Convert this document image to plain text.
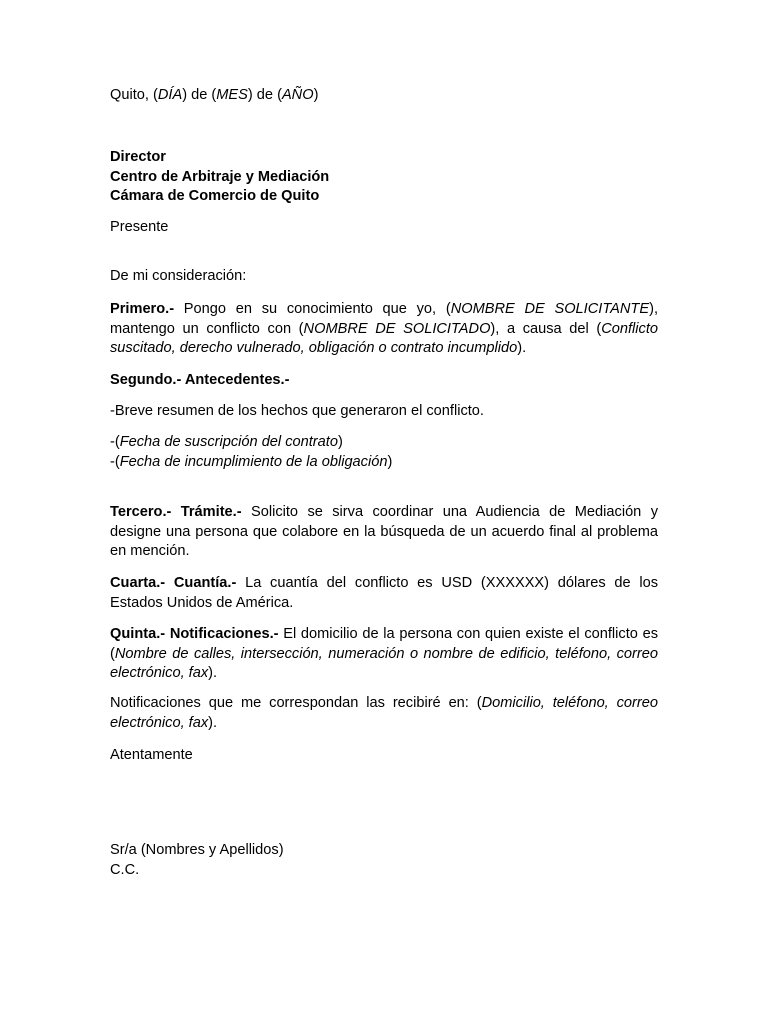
Quito, (DÍA) de (MES) de (AÑO)

Director
Centro de Arbitraje y Mediación
Cámara de Comercio de Quito

Presente

De mi consideración:

Primero.- Pongo en su conocimiento que yo, (NOMBRE DE SOLICITANTE), mantengo un conflicto con (NOMBRE DE SOLICITADO), a causa del (Conflicto suscitado, derecho vulnerado, obligación o contrato incumplido).

Segundo.- Antecedentes.-

-Breve resumen de los hechos que generaron el conflicto.

-(Fecha de suscripción del contrato)
-(Fecha de incumplimiento de la obligación)

Tercero.- Trámite.- Solicito se sirva coordinar una Audiencia de Mediación y designe una persona que colabore en la búsqueda de un acuerdo final al problema en mención.

Cuarta.- Cuantía.- La cuantía del conflicto es USD (XXXXXX) dólares de los Estados Unidos de América.

Quinta.- Notificaciones.- El domicilio de la persona con quien existe el conflicto es (Nombre de calles, intersección, numeración o nombre de edificio, teléfono, correo electrónico, fax).

Notificaciones que me correspondan las recibiré en: (Domicilio, teléfono, correo electrónico, fax).

Atentamente

Sr/a (Nombres y Apellidos)
C.C.
